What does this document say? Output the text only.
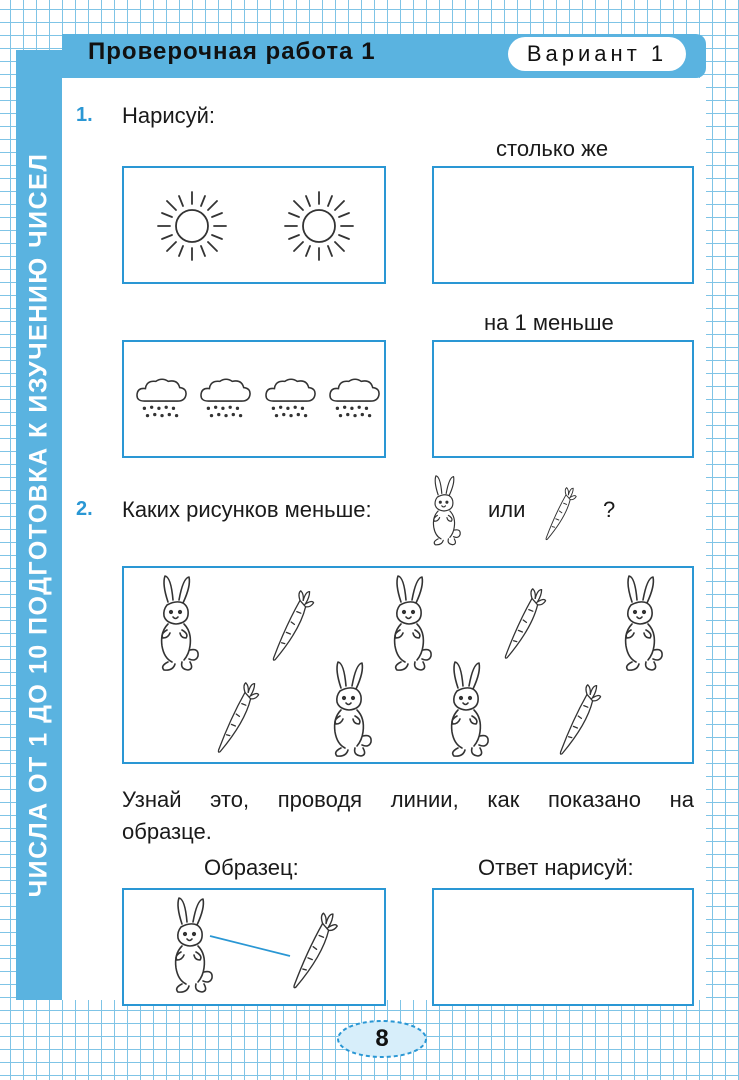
ЧИСЛА ОТ 1 ДО 10 ПОДГОТОВКА К ИЗУЧЕНИЮ ЧИСЕЛ
Проверочная работа 1	Вариант 1
1. Нарисуй:
столько же
на 1 меньше
2. Каких рисунков меньше:	или	?
Узнай это, проводя линии, как показано на образце.
Образец:	Ответ нарисуй:
8
